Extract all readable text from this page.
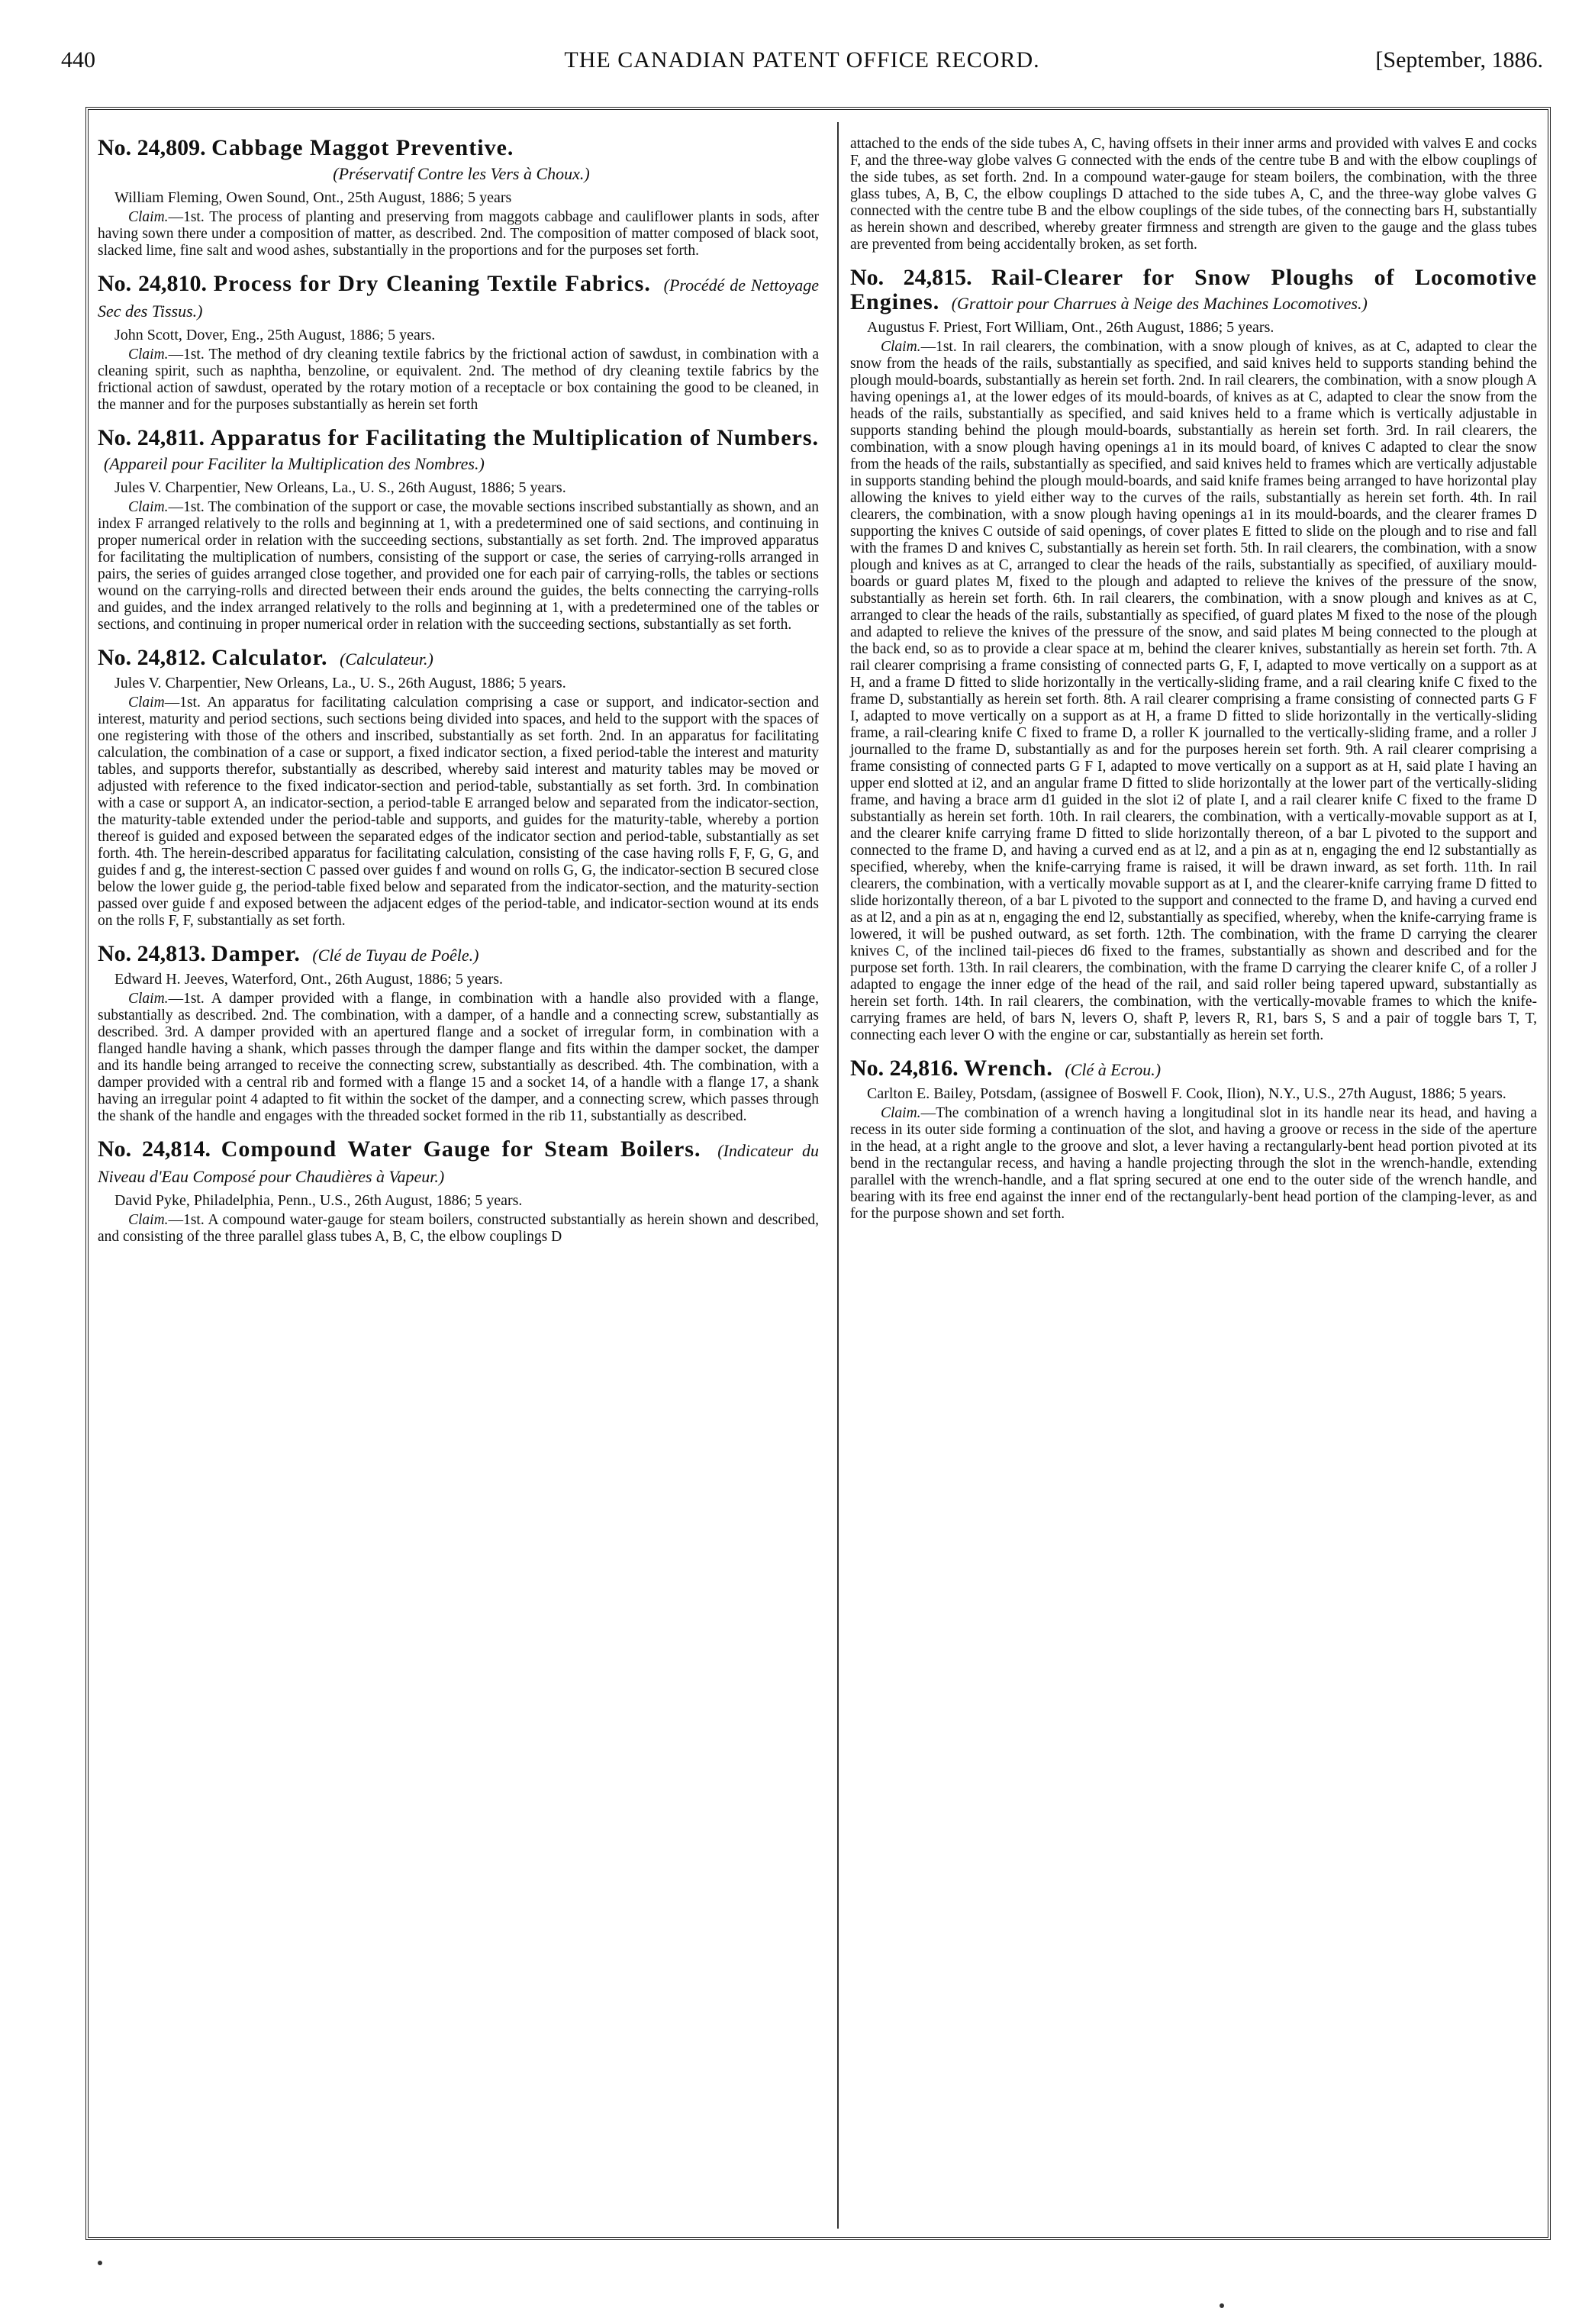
440	THE CANADIAN PATENT OFFICE RECORD.	[September, 1886.
No. 24,809. Cabbage Maggot Preventive.
(Préservatif Contre les Vers à Choux.)
William Fleming, Owen Sound, Ont., 25th August, 1886; 5 years

Claim.—1st. The process of planting and preserving from maggots cabbage and cauliflower plants in sods, after having sown there under a composition of matter, as described. 2nd. The composition of matter composed of black soot, slacked lime, fine salt and wood ashes, substantially in the proportions and for the purposes set forth.

No. 24,810. Process for Dry Cleaning Textile Fabrics. (Procédé de Nettoyage Sec des Tissus.)
John Scott, Dover, Eng., 25th August, 1886; 5 years.

Claim.—1st. The method of dry cleaning textile fabrics by the frictional action of sawdust, in combination with a cleaning spirit, such as naphtha, benzoline, or equivalent. 2nd. The method of dry cleaning textile fabrics by the frictional action of sawdust, operated by the rotary motion of a receptacle or box containing the good to be cleaned, in the manner and for the purposes substantially as herein set forth

No. 24,811. Apparatus for Facilitating the Multiplication of Numbers. (Appareil pour Faciliter la Multiplication des Nombres.)
Jules V. Charpentier, New Orleans, La., U. S., 26th August, 1886; 5 years.

Claim.—1st. The combination of the support or case, the movable sections inscribed substantially as shown, and an index F arranged relatively to the rolls and beginning at 1, with a predetermined one of said sections, and continuing in proper numerical order in relation with the succeeding sections, substantially as set forth. 2nd. The improved apparatus for facilitating the multiplication of numbers, consisting of the support or case, the series of carrying-rolls arranged in pairs, the series of guides arranged close together, and provided one for each pair of carrying-rolls, the tables or sections wound on the carrying-rolls and directed between their ends around the guides, the belts connecting the carrying-rolls and guides, and the index arranged relatively to the rolls and beginning at 1, with a predetermined one of the tables or sections, and continuing in proper numerical order in relation with the succeeding sections, substantially as set forth.

No. 24,812. Calculator. (Calculateur.)
Jules V. Charpentier, New Orleans, La., U. S., 26th August, 1886; 5 years.

Claim—1st. An apparatus for facilitating calculation comprising a case or support, and indicator-section and interest, maturity and period sections, such sections being divided into spaces, and held to the support with the spaces of one registering with those of the others and inscribed, substantially as set forth. 2nd. In an apparatus for facilitating calculation, the combination of a case or support, a fixed indicator section, a fixed period-table the interest and maturity tables, and supports therefor, substantially as described, whereby said interest and maturity tables may be moved or adjusted with reference to the fixed indicator-section and period-table, substantially as set forth. 3rd. In combination with a case or support A, an indicator-section, a period-table E arranged below and separated from the indicator-section, the maturity-table extended under the period-table and supports, and guides for the maturity-table, whereby a portion thereof is guided and exposed between the separated edges of the indicator section and period-table, substantially as set forth. 4th. The herein-described apparatus for facilitating calculation, consisting of the case having rolls F, F, G, G, and guides f and g, the interest-section C passed over guides f and wound on rolls G, G, the indicator-section B secured close below the lower guide g, the period-table fixed below and separated from the indicator-section, and the maturity-section passed over guide f and exposed between the adjacent edges of the period-table, and indicator-section wound at its ends on the rolls F, F, substantially as set forth.

No. 24,813. Damper. (Clé de Tuyau de Poêle.)
Edward H. Jeeves, Waterford, Ont., 26th August, 1886; 5 years.

Claim.—1st. A damper provided with a flange, in combination with a handle also provided with a flange, substantially as described. 2nd. The combination, with a damper, of a handle and a connecting screw, substantially as described. 3rd. A damper provided with an apertured flange and a socket of irregular form, in combination with a flanged handle having a shank, which passes through the damper flange and fits within the damper socket, the damper and its handle being arranged to receive the connecting screw, substantially as described. 4th. The combination, with a damper provided with a central rib and formed with a flange 15 and a socket 14, of a handle with a flange 17, a shank having an irregular point 4 adapted to fit within the socket of the damper, and a connecting screw, which passes through the shank of the handle and engages with the threaded socket formed in the rib 11, substantially as described.

No. 24,814. Compound Water Gauge for Steam Boilers. (Indicateur du Niveau d'Eau Composé pour Chaudières à Vapeur.)
David Pyke, Philadelphia, Penn., U.S., 26th August, 1886; 5 years.

Claim.—1st. A compound water-gauge for steam boilers, constructed substantially as herein shown and described, and consisting of the three parallel glass tubes A, B, C, the elbow couplings D

attached to the ends of the side tubes A, C, having offsets in their inner arms and provided with valves E and cocks F, and the three-way globe valves G connected with the ends of the centre tube B and with the elbow couplings of the side tubes, as set forth. 2nd. In a compound water-gauge for steam boilers, the combination, with the three glass tubes, A, B, C, the elbow couplings D attached to the side tubes A, C, and the three-way globe valves G connected with the centre tube B and the elbow couplings of the side tubes, of the connecting bars H, substantially as herein shown and described, whereby greater firmness and strength are given to the gauge and the glass tubes are prevented from being accidentally broken, as set forth.

No. 24,815. Rail-Clearer for Snow Ploughs of Locomotive Engines. (Grattoir pour Charrues à Neige des Machines Locomotives.)
Augustus F. Priest, Fort William, Ont., 26th August, 1886; 5 years.

Claim.—1st. In rail clearers, the combination, with a snow plough of knives, as at C, adapted to clear the snow from the heads of the rails, substantially as specified, and said knives held to supports standing behind the plough mould-boards, substantially as herein set forth. 2nd. In rail clearers, the combination, with a snow plough A having openings a1, at the lower edges of its mould-boards, of knives as at C, adapted to clear the snow from the heads of the rails, substantially as specified, and said knives held to a frame which is vertically adjustable in supports standing behind the plough mould-boards, substantially as herein set forth. 3rd. In rail clearers, the combination, with a snow plough having openings a1 in its mould board, of knives C adapted to clear the snow from the heads of the rails, substantially as specified, and said knives held to frames which are vertically adjustable in supports standing behind the plough mould-boards, and said knife frames being arranged to have horizontal play allowing the knives to yield either way to the curves of the rails, substantially as herein set forth. 4th. In rail clearers, the combination, with a snow plough having openings a1 in its mould-boards, and the clearer frames D supporting the knives C outside of said openings, of cover plates E fitted to slide on the plough and to rise and fall with the frames D and knives C, substantially as herein set forth. 5th. In rail clearers, the combination, with a snow plough and knives as at C, arranged to clear the heads of the rails, substantially as specified, of auxiliary mould-boards or guard plates M, fixed to the plough and adapted to relieve the knives of the pressure of the snow, substantially as herein set forth. 6th. In rail clearers, the combination, with a snow plough and knives as at C, arranged to clear the heads of the rails, substantially as specified, of guard plates M fixed to the nose of the plough and adapted to relieve the knives of the pressure of the snow, and said plates M being connected to the plough at the back end, so as to provide a clear space at m, behind the clearer knives, substantially as herein set forth. 7th. A rail clearer comprising a frame consisting of connected parts G, F, I, adapted to move vertically on a support as at H, and a frame D fitted to slide horizontally in the vertically-sliding frame, and a rail clearing knife C fixed to the frame D, substantially as herein set forth. 8th. A rail clearer comprising a frame consisting of connected parts G F I, adapted to move vertically on a support as at H, a frame D fitted to slide horizontally in the vertically-sliding frame, a rail-clearing knife C fixed to frame D, a roller K journalled to the vertically-sliding frame, and a roller J journalled to the frame D, substantially as and for the purposes herein set forth. 9th. A rail clearer comprising a frame consisting of connected parts G F I, adapted to move vertically on a support as at H, said plate I having an upper end slotted at i2, and an angular frame D fitted to slide horizontally at the lower part of the vertically-sliding frame, and having a brace arm d1 guided in the slot i2 of plate I, and a rail clearer knife C fixed to the frame D substantially as herein set forth. 10th. In rail clearers, the combination, with a vertically-movable support as at I, and the clearer knife carrying frame D fitted to slide horizontally thereon, of a bar L pivoted to the support and connected to the frame D, and having a curved end as at l2, and a pin as at n, engaging the end l2 substantially as specified, whereby, when the knife-carrying frame is raised, it will be drawn inward, as set forth. 11th. In rail clearers, the combination, with a vertically movable support as at I, and the clearer-knife carrying frame D fitted to slide horizontally thereon, of a bar L pivoted to the support and connected to the frame D, and having a curved end as at l2, and a pin as at n, engaging the end l2, substantially as specified, whereby, when the knife-carrying frame is lowered, it will be pushed outward, as set forth. 12th. The combination, with the frame D carrying the clearer knives C, of the inclined tail-pieces d6 fixed to the frames, substantially as shown and described and for the purpose set forth. 13th. In rail clearers, the combination, with the frame D carrying the clearer knife C, of a roller J adapted to engage the inner edge of the head of the rail, and said roller being tapered upward, substantially as herein set forth. 14th. In rail clearers, the combination, with the vertically-movable frames to which the knife-carrying frames are held, of bars N, levers O, shaft P, levers R, R1, bars S, S and a pair of toggle bars T, T, connecting each lever O with the engine or car, substantially as herein set forth.

No. 24,816. Wrench. (Clé à Ecrou.)
Carlton E. Bailey, Potsdam, (assignee of Boswell F. Cook, Ilion), N.Y., U.S., 27th August, 1886; 5 years.

Claim.—The combination of a wrench having a longitudinal slot in its handle near its head, and having a recess in its outer side forming a continuation of the slot, and having a groove or recess in the side of the aperture in the head, at a right angle to the groove and slot, a lever having a rectangularly-bent head portion pivoted at its bend in the rectangular recess, and having a handle projecting through the slot in the wrench-handle, extending parallel with the wrench-handle, and a flat spring secured at one end to the outer side of the wrench handle, and bearing with its free end against the inner end of the rectangularly-bent head portion of the clamping-lever, as and for the purpose shown and set forth.
